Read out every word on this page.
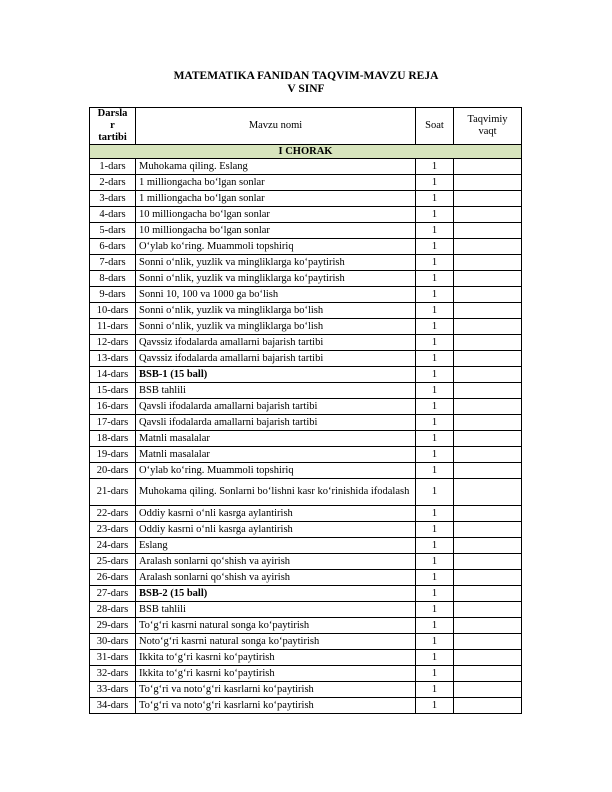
MATEMATIKA FANIDAN TAQVIM-MAVZU REJA
V SINF
Darsla
r
tartibi	Mavzu nomi	Soat	Taqvimiy
vaqt
I CHORAK			
1-dars	Muhokama qiling. Eslang	1	
2-dars	1 milliongacha bo‘lgan sonlar	1	
3-dars	1 milliongacha bo‘lgan sonlar	1	
4-dars	10 milliongacha bo‘lgan sonlar	1	
5-dars	10 milliongacha bo‘lgan sonlar	1	
6-dars	O‘ylab ko‘ring. Muammoli topshiriq	1	
7-dars	Sonni o‘nlik, yuzlik va mingliklarga ko‘paytirish	1	
8-dars	Sonni o‘nlik, yuzlik va mingliklarga ko‘paytirish	1	
9-dars	Sonni 10, 100 va 1000 ga bo‘lish	1	
10-dars	Sonni o‘nlik, yuzlik va mingliklarga bo‘lish	1	
11-dars	Sonni o‘nlik, yuzlik va mingliklarga bo‘lish	1	
12-dars	Qavssiz ifodalarda amallarni bajarish tartibi	1	
13-dars	Qavssiz ifodalarda amallarni bajarish tartibi	1	
14-dars	BSB-1 (15 ball)	1	
15-dars	BSB tahlili	1	
16-dars	Qavsli ifodalarda amallarni bajarish tartibi	1	
17-dars	Qavsli ifodalarda amallarni bajarish tartibi	1	
18-dars	Matnli masalalar	1	
19-dars	Matnli masalalar	1	
20-dars	O‘ylab ko‘ring. Muammoli topshiriq	1	
21-dars	Muhokama qiling. Sonlarni bo‘lishni kasr ko‘rinishida ifodalash	1	
22-dars	Oddiy kasrni o‘nli kasrga aylantirish	1	
23-dars	Oddiy kasrni o‘nli kasrga aylantirish	1	
24-dars	Eslang	1	
25-dars	Aralash sonlarni qo‘shish va ayirish	1	
26-dars	Aralash sonlarni qo‘shish va ayirish	1	
27-dars	BSB-2 (15 ball)	1	
28-dars	BSB tahlili	1	
29-dars	To‘g‘ri kasrni natural songa ko‘paytirish	1	
30-dars	Noto‘g‘ri kasrni natural songa ko‘paytirish	1	
31-dars	Ikkita to‘g‘ri kasrni ko‘paytirish	1	
32-dars	Ikkita to‘g‘ri kasrni ko‘paytirish	1	
33-dars	To‘g‘ri va noto‘g‘ri kasrlarni ko‘paytirish	1	
34-dars	To‘g‘ri va noto‘g‘ri kasrlarni ko‘paytirish	1	
